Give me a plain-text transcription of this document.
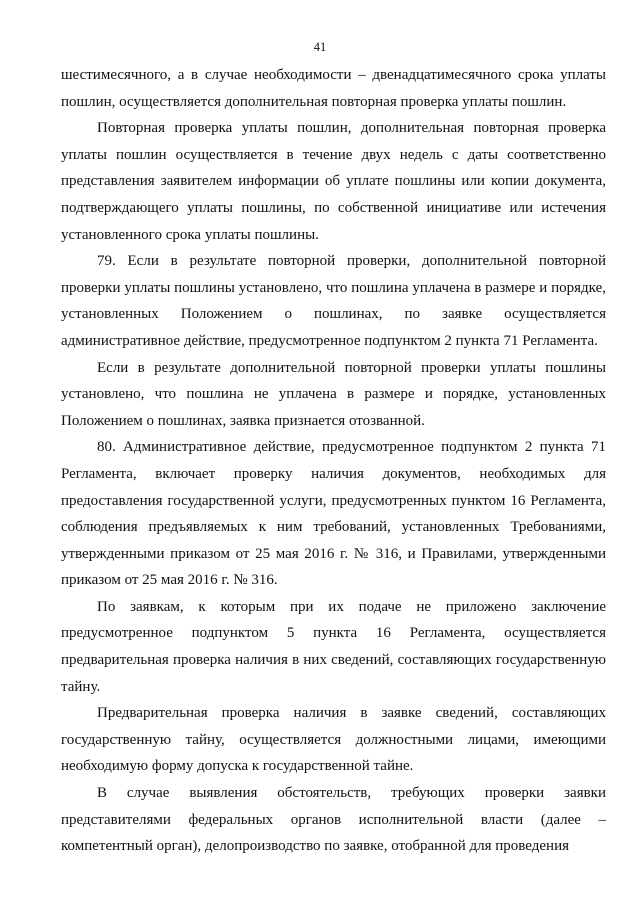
41

шестимесячного, а в случае необходимости – двенадцатимесячного срока уплаты пошлин, осуществляется дополнительная повторная проверка уплаты пошлин.

Повторная проверка уплаты пошлин, дополнительная повторная проверка уплаты пошлин осуществляется в течение двух недель с даты соответственно представления заявителем информации об уплате пошлины или копии документа, подтверждающего уплаты пошлины, по собственной инициативе или истечения установленного срока уплаты пошлины.

79. Если в результате повторной проверки, дополнительной повторной проверки уплаты пошлины установлено, что пошлина уплачена в размере и порядке, установленных Положением о пошлинах, по заявке осуществляется административное действие, предусмотренное подпунктом 2 пункта 71 Регламента.

Если в результате дополнительной повторной проверки уплаты пошлины установлено, что пошлина не уплачена в размере и порядке, установленных Положением о пошлинах, заявка признается отозванной.

80. Административное действие, предусмотренное подпунктом 2 пункта 71 Регламента, включает проверку наличия документов, необходимых для предоставления государственной услуги, предусмотренных пунктом 16 Регламента, соблюдения предъявляемых к ним требований, установленных Требованиями, утвержденными приказом от 25 мая 2016 г. № 316, и Правилами, утвержденными приказом от 25 мая 2016 г. № 316.

По заявкам, к которым при их подаче не приложено заключение предусмотренное подпунктом 5 пункта 16 Регламента, осуществляется предварительная проверка наличия в них сведений, составляющих государственную тайну.

Предварительная проверка наличия в заявке сведений, составляющих государственную тайну, осуществляется должностными лицами, имеющими необходимую форму допуска к государственной тайне.

В случае выявления обстоятельств, требующих проверки заявки представителями федеральных органов исполнительной власти (далее – компетентный орган), делопроизводство по заявке, отобранной для проведения
